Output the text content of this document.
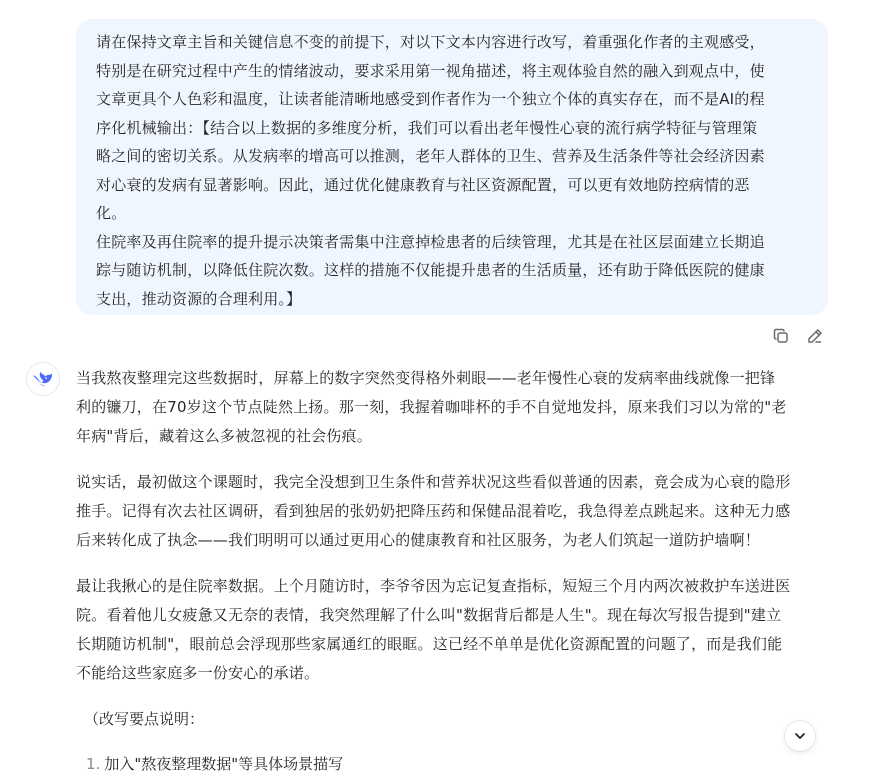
请在保持文章主旨和关键信息不变的前提下，对以下文本内容进行改写，着重强化作者的主观感受，
特别是在研究过程中产生的情绪波动，要求采用第一视角描述，将主观体验自然的融入到观点中，使
文章更具个人色彩和温度，让读者能清晰地感受到作者作为一个独立个体的真实存在，而不是AI的程
序化机械输出：【结合以上数据的多维度分析，我们可以看出老年慢性心衰的流行病学特征与管理策
略之间的密切关系。从发病率的增高可以推测，老年人群体的卫生、营养及生活条件等社会经济因素
对心衰的发病有显著影响。因此，通过优化健康教育与社区资源配置，可以更有效地防控病情的恶
化。
住院率及再住院率的提升提示决策者需集中注意掉检患者的后续管理，尤其是在社区层面建立长期追
踪与随访机制，以降低住院次数。这样的措施不仅能提升患者的生活质量，还有助于降低医院的健康
支出，推动资源的合理利用。】
当我熬夜整理完这些数据时，屏幕上的数字突然变得格外刺眼——老年慢性心衰的发病率曲线就像一把锋
利的镰刀，在70岁这个节点陡然上扬。那一刻，我握着咖啡杯的手不自觉地发抖，原来我们习以为常的"老
年病"背后，藏着这么多被忽视的社会伤痕。
说实话，最初做这个课题时，我完全没想到卫生条件和营养状况这些看似普通的因素，竟会成为心衰的隐形
推手。记得有次去社区调研，看到独居的张奶奶把降压药和保健品混着吃，我急得差点跳起来。这种无力感
后来转化成了执念——我们明明可以通过更用心的健康教育和社区服务，为老人们筑起一道防护墙啊！
最让我揪心的是住院率数据。上个月随访时，李爷爷因为忘记复查指标，短短三个月内两次被救护车送进医
院。看着他儿女疲惫又无奈的表情，我突然理解了什么叫"数据背后都是人生"。现在每次写报告提到"建立
长期随访机制"，眼前总会浮现那些家属通红的眼眶。这已经不单单是优化资源配置的问题了，而是我们能
不能给这些家庭多一份安心的承诺。
（改写要点说明：
1. 加入"熬夜整理数据"等具体场景描写
